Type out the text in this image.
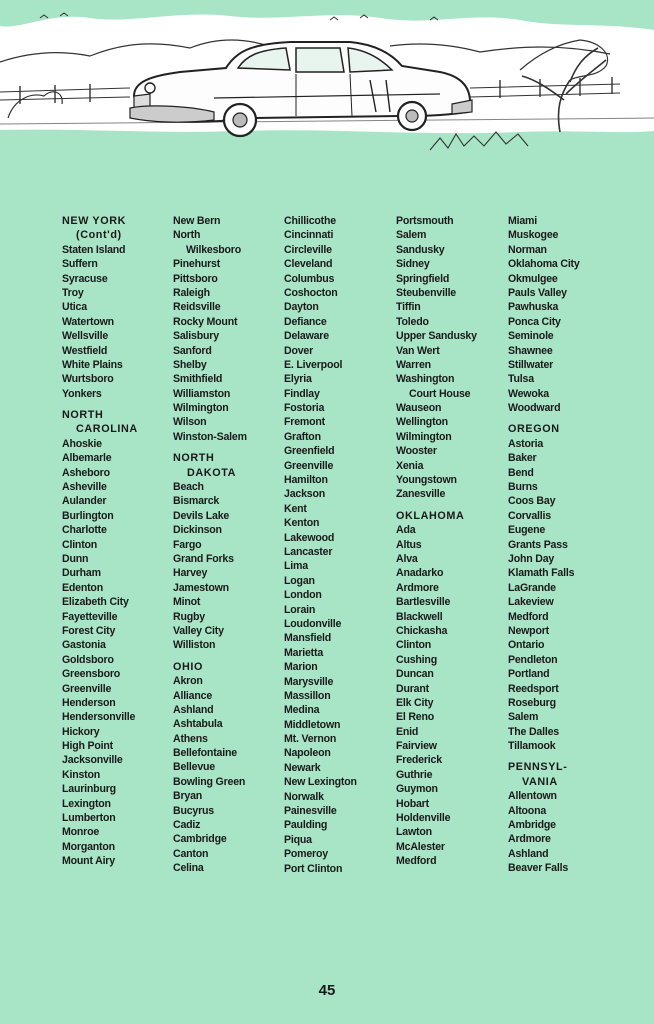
NEW YORK
(Cont'd)
Staten Island
Suffern
Syracuse
Troy
Utica
Watertown
Wellsville
Westfield
White Plains
Wurtsboro
Yonkers
NORTH
CAROLINA
Ahoskie
Albemarle
Asheboro
Asheville
Aulander
Burlington
Charlotte
Clinton
Dunn
Durham
Edenton
Elizabeth City
Fayetteville
Forest City
Gastonia
Goldsboro
Greensboro
Greenville
Henderson
Hendersonville
Hickory
High Point
Jacksonville
Kinston
Laurinburg
Lexington
Lumberton
Monroe
Morganton
Mount Airy
New Bern
North
Wilkesboro
Pinehurst
Pittsboro
Raleigh
Reidsville
Rocky Mount
Salisbury
Sanford
Shelby
Smithfield
Williamston
Wilmington
Wilson
Winston-Salem
NORTH
DAKOTA
Beach
Bismarck
Devils Lake
Dickinson
Fargo
Grand Forks
Harvey
Jamestown
Minot
Rugby
Valley City
Williston
OHIO
Akron
Alliance
Ashland
Ashtabula
Athens
Bellefontaine
Bellevue
Bowling Green
Bryan
Bucyrus
Cadiz
Cambridge
Canton
Celina
Chillicothe
Cincinnati
Circleville
Cleveland
Columbus
Coshocton
Dayton
Defiance
Delaware
Dover
E. Liverpool
Elyria
Findlay
Fostoria
Fremont
Grafton
Greenfield
Greenville
Hamilton
Jackson
Kent
Kenton
Lakewood
Lancaster
Lima
Logan
London
Lorain
Loudonville
Mansfield
Marietta
Marion
Marysville
Massillon
Medina
Middletown
Mt. Vernon
Napoleon
Newark
New Lexington
Norwalk
Painesville
Paulding
Piqua
Pomeroy
Port Clinton
Portsmouth
Salem
Sandusky
Sidney
Springfield
Steubenville
Tiffin
Toledo
Upper Sandusky
Van Wert
Warren
Washington
Court House
Wauseon
Wellington
Wilmington
Wooster
Xenia
Youngstown
Zanesville
OKLAHOMA
Ada
Altus
Alva
Anadarko
Ardmore
Bartlesville
Blackwell
Chickasha
Clinton
Cushing
Duncan
Durant
Elk City
El Reno
Enid
Fairview
Frederick
Guthrie
Guymon
Hobart
Holdenville
Lawton
McAlester
Medford
Miami
Muskogee
Norman
Oklahoma City
Okmulgee
Pauls Valley
Pawhuska
Ponca City
Seminole
Shawnee
Stillwater
Tulsa
Wewoka
Woodward
OREGON
Astoria
Baker
Bend
Burns
Coos Bay
Corvallis
Eugene
Grants Pass
John Day
Klamath Falls
LaGrande
Lakeview
Medford
Newport
Ontario
Pendleton
Portland
Reedsport
Roseburg
Salem
The Dalles
Tillamook
PENNSYL-
VANIA
Allentown
Altoona
Ambridge
Ardmore
Ashland
Beaver Falls
45
